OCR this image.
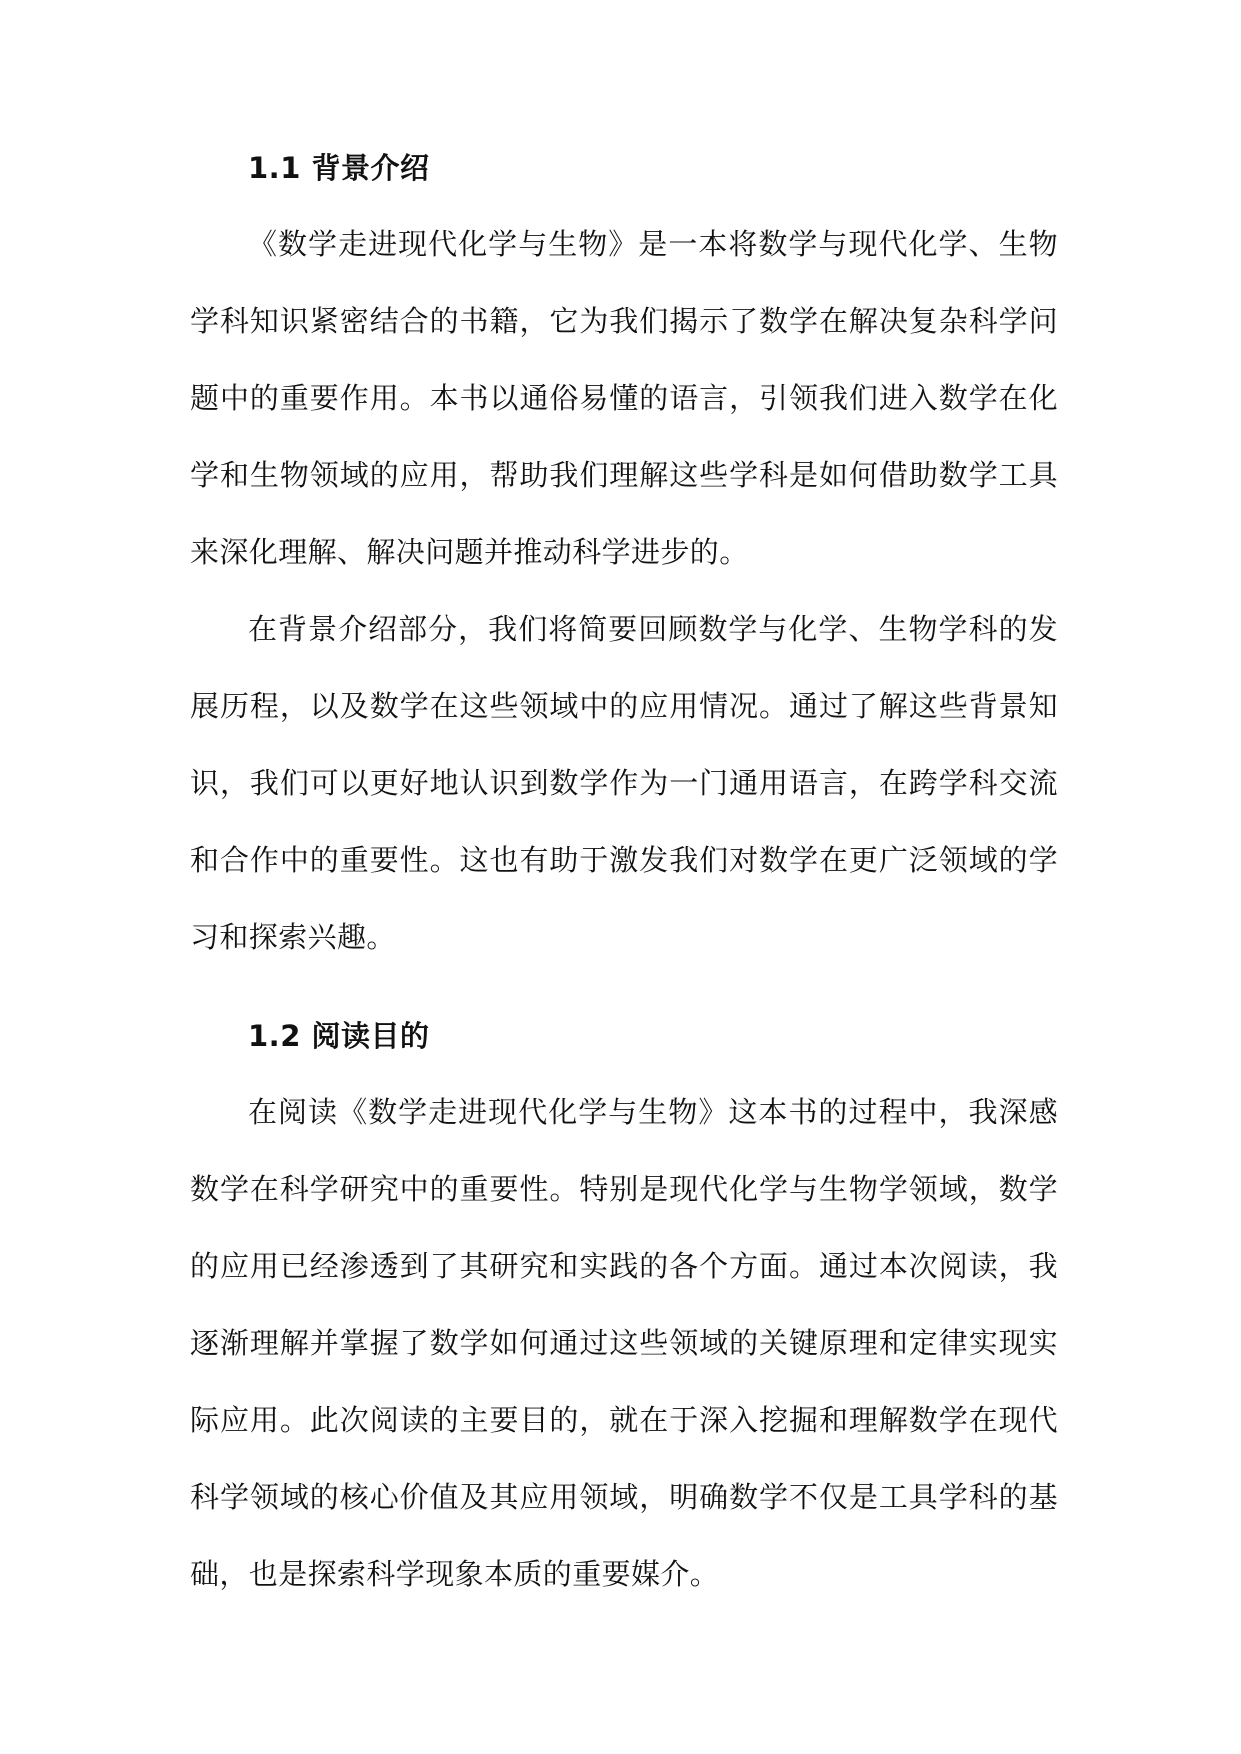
1.1 背景介绍

《数学走进现代化学与生物》是一本将数学与现代化学、生物学科知识紧密结合的书籍，它为我们揭示了数学在解决复杂科学问题中的重要作用。本书以通俗易懂的语言，引领我们进入数学在化学和生物领域的应用，帮助我们理解这些学科是如何借助数学工具来深化理解、解决问题并推动科学进步的。

在背景介绍部分，我们将简要回顾数学与化学、生物学科的发展历程，以及数学在这些领域中的应用情况。通过了解这些背景知识，我们可以更好地认识到数学作为一门通用语言，在跨学科交流和合作中的重要性。这也有助于激发我们对数学在更广泛领域的学习和探索兴趣。

1.2 阅读目的

在阅读《数学走进现代化学与生物》这本书的过程中，我深感数学在科学研究中的重要性。特别是现代化学与生物学领域，数学的应用已经渗透到了其研究和实践的各个方面。通过本次阅读，我逐渐理解并掌握了数学如何通过这些领域的关键原理和定律实现实际应用。此次阅读的主要目的，就在于深入挖掘和理解数学在现代科学领域的核心价值及其应用领域，明确数学不仅是工具学科的基础，也是探索科学现象本质的重要媒介。
